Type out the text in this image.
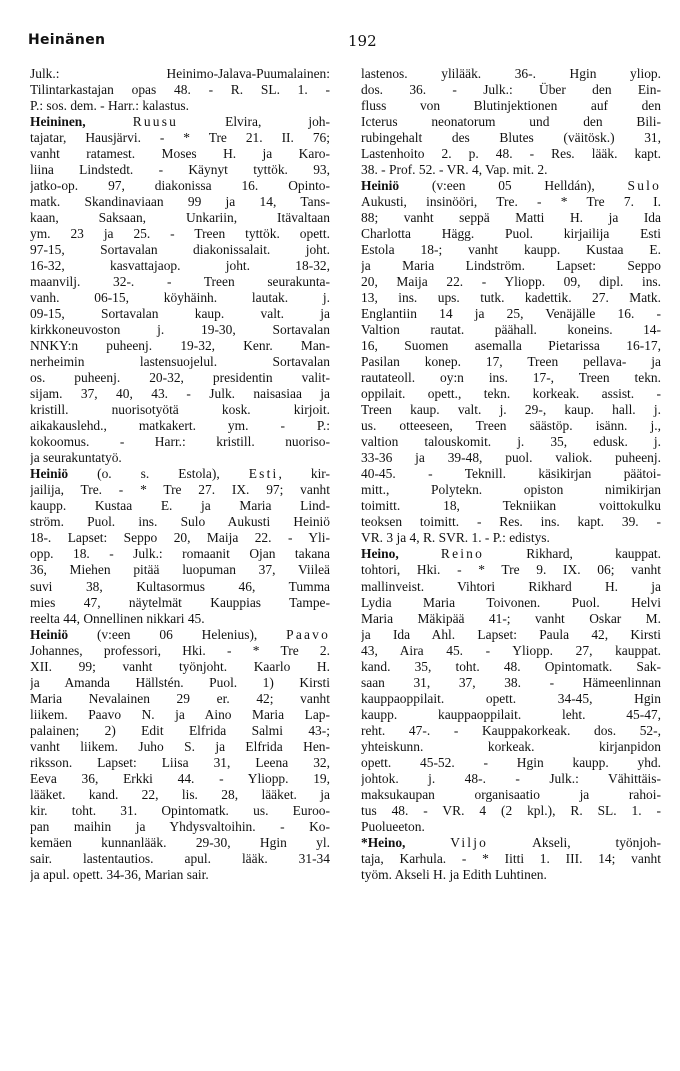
Heinänen	192
Julk.: Heinimo-Jalava-Puumalainen:
Tilintarkastajan opas 48. - R. SL. 1. -
P.: sos. dem. - Harr.: kalastus.
Heininen,	Ruusu Elvira, joh-
tajatar, Hausjärvi. - * Tre 21. II. 76;
vanht ratamest. Moses H. ja Karo-
liina Lindstedt. - Käynyt tyttök. 93,
jatko-op. 97, diakonissa 16. Opinto-
matk. Skandinaviaan 99 ja 14, Tans-
kaan, Saksaan, Unkariin, Itävaltaan
ym. 23 ja 25. - Treen tyttök. opett.
97-15, Sortavalan diakonissalait. joht.
16-32, kasvattajaop. joht. 18-32,
maanvilj. 32-. - Treen seurakunta-
vanh. 06-15, köyhäinh. lautak. j.
09-15, Sortavalan kaup. valt. ja
kirkkoneuvoston j. 19-30, Sortavalan
NNKY:n puheenj. 19-32, Kenr. Man-
nerheimin lastensuojelul. Sortavalan
os. puheenj. 20-32, presidentin valit-
sijam. 37, 40, 43. - Julk. naisasiaa ja
kristill. nuorisotyötä kosk. kirjoit.
aikakauslehd., matkakert. ym. - P.:
kokoomus. - Harr.: kristill. nuoriso-
ja seurakuntatyö.
Heiniö (o. s. Estola), Esti, kir-
jailija, Tre. - * Tre 27. IX. 97; vanht
kaupp. Kustaa E. ja Maria Lind-
ström. Puol. ins. Sulo Aukusti Heiniö
18-. Lapset: Seppo 20, Maija 22. - Yli-
opp. 18. - Julk.: romaanit Ojan takana
36, Miehen pitää luopuman 37, Viileä
suvi 38, Kultasormus 46, Tumma
mies 47, näytelmät Kauppias Tampe-
reelta 44, Onnellinen nikkari 45.
Heiniö (v:een 06 Helenius), Paavo
Johannes, professori, Hki. - * Tre 2.
XII. 99; vanht työnjoht. Kaarlo H.
ja Amanda Hällstén. Puol. 1) Kirsti
Maria Nevalainen 29 er. 42; vanht
liikem. Paavo N. ja Aino Maria Lap-
palainen; 2) Edit Elfrida Salmi 43-;
vanht liikem. Juho S. ja Elfrida Hen-
riksson. Lapset: Liisa 31, Leena 32,
Eeva 36, Erkki 44. - Yliopp. 19,
lääket. kand. 22, lis. 28, lääket. ja
kir. toht. 31. Opintomatk. us. Euroo-
pan maihin ja Yhdysvaltoihin. - Ko-
kemäen kunnanlääk. 29-30, Hgin yl.
sair. lastentautios. apul. lääk. 31-34
ja apul. opett. 34-36, Marian sair.
lastenos. ylilääk. 36-. Hgin yliop.
dos. 36. - Julk.: Über den Ein-
fluss von Blutinjektionen auf den
Icterus neonatorum und den Bili-
rubingehalt des Blutes (väitösk.) 31,
Lastenhoito 2. p. 48. - Res. lääk. kapt.
38. - Prof. 52. - VR. 4, Vap. mit. 2.
Heiniö (v:een 05 Helldán), Sulo
Aukusti, insinööri, Tre. - * Tre 7. I.
88; vanht seppä Matti H. ja Ida
Charlotta Hägg. Puol. kirjailija Esti
Estola 18-; vanht kaupp. Kustaa E.
ja Maria Lindström. Lapset: Seppo
20, Maija 22. - Yliopp. 09, dipl. ins.
13, ins. ups. tutk. kadettik. 27. Matk.
Englantiin 14 ja 25, Venäjälle 16. -
Valtion rautat. päähall. koneins. 14-
16, Suomen asemalla Pietarissa 16-17,
Pasilan konep. 17, Treen pellava- ja
rautateoll. oy:n ins. 17-, Treen tekn.
oppilait. opett., tekn. korkeak. assist. -
Treen kaup. valt. j. 29-, kaup. hall. j.
us. otteeseen, Treen säästöp. isänn. j.,
valtion talouskomit. j. 35, edusk. j.
33-36 ja 39-48, puol. valiok. puheenj.
40-45. - Teknill. käsikirjan päätoi-
mitt., Polytekn. opiston nimikirjan
toimitt. 18, Tekniikan voittokulku
teoksen toimitt. - Res. ins. kapt. 39. -
VR. 3 ja 4, R. SVR. 1. - P.: edistys.
Heino,	Reino Rikhard, kauppat.
tohtori, Hki. - * Tre 9. IX. 06; vanht
mallinveist. Vihtori Rikhard H. ja
Lydia Maria Toivonen. Puol. Helvi
Maria Mäkipää 41-; vanht Oskar M.
ja Ida Ahl. Lapset: Paula 42, Kirsti
43, Aira 45. - Yliopp. 27, kauppat.
kand. 35, toht. 48. Opintomatk. Sak-
saan 31, 37, 38. - Hämeenlinnan
kauppaoppilait. opett. 34-45, Hgin
kaupp. kauppaoppilait. leht. 45-47,
reht. 47-. - Kauppakorkeak. dos. 52-,
yhteiskunn. korkeak. kirjanpidon
opett. 45-52. - Hgin kaupp. yhd.
johtok. j. 48-. - Julk.: Vähittäis-
maksukaupan organisaatio ja rahoi-
tus 48. - VR. 4 (2 kpl.), R. SL. 1. -
Puolueeton.
*Heino,	Viljo Akseli, työnjoh-
taja, Karhula. - * Iitti 1. III. 14; vanht
työm. Akseli H. ja Edith Luhtinen.
